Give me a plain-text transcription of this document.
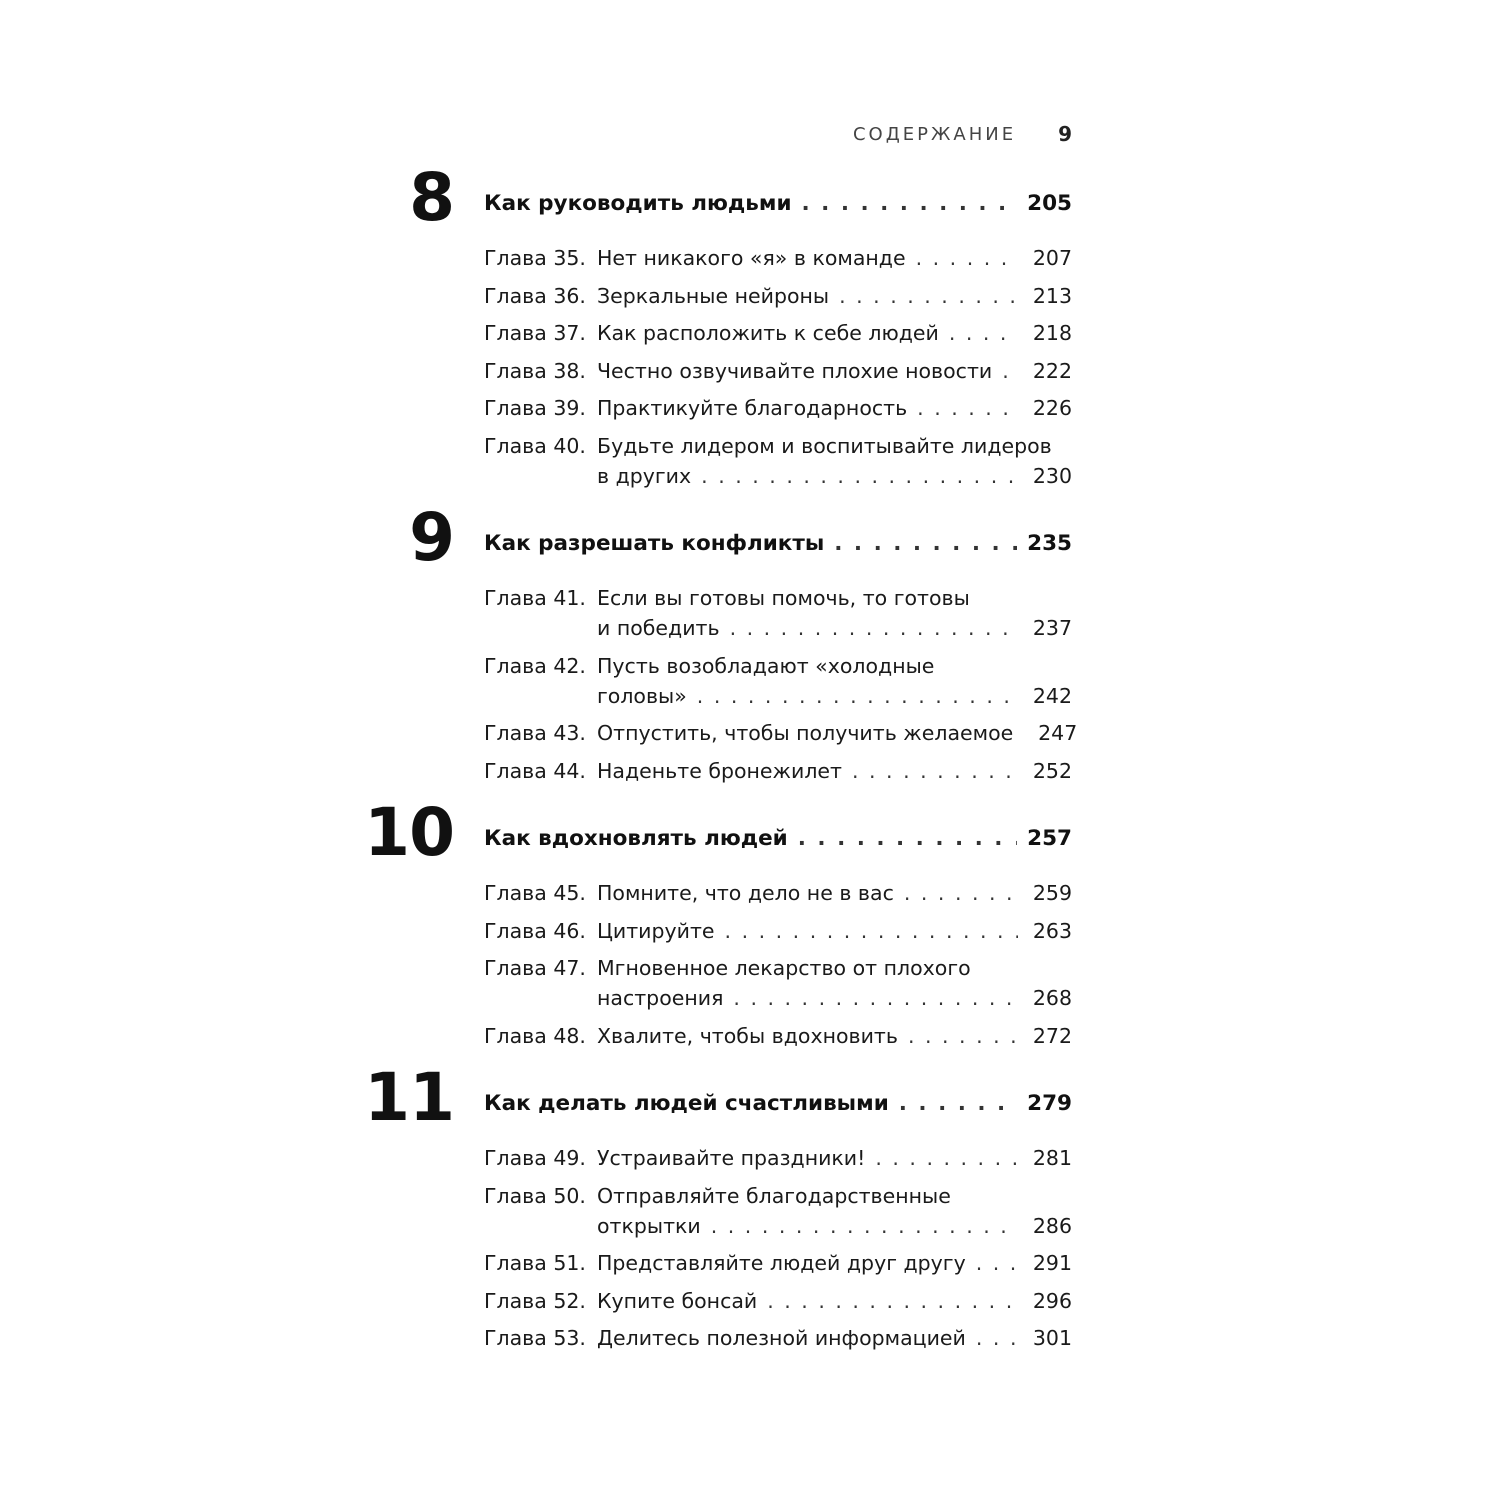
СОДЕРЖАНИЕ 9
8 Как руководить людьми . . .	205
Глава 35. Нет никакого «я» в команде . . .	207
Глава 36. Зеркальные нейроны . . .	213
Глава 37. Как расположить к себе людей . . .	218
Глава 38. Честно озвучивайте плохие новости . . . 222
Глава 39. Практикуйте благодарность . . .	226
Глава 40. Будьте лидером и воспитывайте лидеров
в других . . .	230
9 Как разрешать конфликты . . .	235
Глава 41. Если вы готовы помочь, то готовы
и победить . . .	237
Глава 42. Пусть возобладают «холодные
головы» . . .	242
Глава 43. Отпустить, чтобы получить желаемое 247
Глава 44. Наденьте бронежилет . . .	252
10 Как вдохновлять людей . . .	257
Глава 45. Помните, что дело не в вас . . .	259
Глава 46. Цитируйте . . .	263
Глава 47. Мгновенное лекарство от плохого
настроения . . .	268
Глава 48. Хвалите, чтобы вдохновить . . .	272
11 Как делать людей счастливыми . . .	279
Глава 49. Устраивайте праздники! . . .	281
Глава 50. Отправляйте благодарственные
открытки . . .	286
Глава 51. Представляйте людей друг другу . . .	291
Глава 52. Купите бонсай . . .	296
Глава 53. Делитесь полезной информацией . . .	301
